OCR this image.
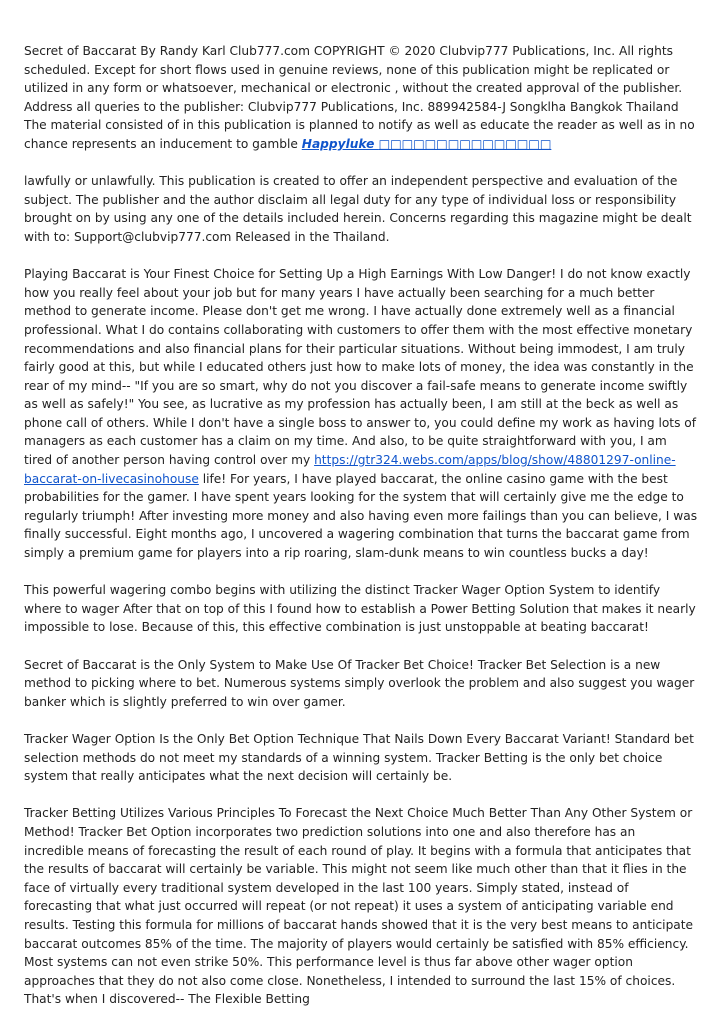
Secret of Baccarat By Randy Karl Club777.com COPYRIGHT © 2020 Clubvip777 Publications, Inc. All rights scheduled. Except for short flows used in genuine reviews, none of this publication might be replicated or utilized in any form or whatsoever, mechanical or electronic , without the created approval of the publisher. Address all queries to the publisher: Clubvip777 Publications, Inc. 889942584-J Songklha Bangkok Thailand The material consisted of in this publication is planned to notify as well as educate the reader as well as in no chance represents an inducement to gamble Happyluke □□□□□□□□□□□□□□□

lawfully or unlawfully. This publication is created to offer an independent perspective and evaluation of the subject. The publisher and the author disclaim all legal duty for any type of individual loss or responsibility brought on by using any one of the details included herein. Concerns regarding this magazine might be dealt with to: Support@clubvip777.com Released in the Thailand.

Playing Baccarat is Your Finest Choice for Setting Up a High Earnings With Low Danger! I do not know exactly how you really feel about your job but for many years I have actually been searching for a much better method to generate income. Please don't get me wrong. I have actually done extremely well as a financial professional. What I do contains collaborating with customers to offer them with the most effective monetary recommendations and also financial plans for their particular situations. Without being immodest, I am truly fairly good at this, but while I educated others just how to make lots of money, the idea was constantly in the rear of my mind-- "If you are so smart, why do not you discover a fail-safe means to generate income swiftly as well as safely!" You see, as lucrative as my profession has actually been, I am still at the beck as well as phone call of others. While I don't have a single boss to answer to, you could define my work as having lots of managers as each customer has a claim on my time. And also, to be quite straightforward with you, I am tired of another person having control over my https://gtr324.webs.com/apps/blog/show/48801297-online-baccarat-on-livecasinohouse life! For years, I have played baccarat, the online casino game with the best probabilities for the gamer. I have spent years looking for the system that will certainly give me the edge to regularly triumph! After investing more money and also having even more failings than you can believe, I was finally successful. Eight months ago, I uncovered a wagering combination that turns the baccarat game from simply a premium game for players into a rip roaring, slam-dunk means to win countless bucks a day!

This powerful wagering combo begins with utilizing the distinct Tracker Wager Option System to identify where to wager After that on top of this I found how to establish a Power Betting Solution that makes it nearly impossible to lose. Because of this, this effective combination is just unstoppable at beating baccarat!

Secret of Baccarat is the Only System to Make Use Of Tracker Bet Choice! Tracker Bet Selection is a new method to picking where to bet. Numerous systems simply overlook the problem and also suggest you wager banker which is slightly preferred to win over gamer.

Tracker Wager Option Is the Only Bet Option Technique That Nails Down Every Baccarat Variant! Standard bet selection methods do not meet my standards of a winning system. Tracker Betting is the only bet choice system that really anticipates what the next decision will certainly be.

Tracker Betting Utilizes Various Principles To Forecast the Next Choice Much Better Than Any Other System or Method! Tracker Bet Option incorporates two prediction solutions into one and also therefore has an incredible means of forecasting the result of each round of play. It begins with a formula that anticipates that the results of baccarat will certainly be variable. This might not seem like much other than that it flies in the face of virtually every traditional system developed in the last 100 years. Simply stated, instead of forecasting that what just occurred will repeat (or not repeat) it uses a system of anticipating variable end results. Testing this formula for millions of baccarat hands showed that it is the very best means to anticipate baccarat outcomes 85% of the time. The majority of players would certainly be satisfied with 85% efficiency. Most systems can not even strike 50%. This performance level is thus far above other wager option approaches that they do not also come close. Nonetheless, I intended to surround the last 15% of choices. That's when I discovered-- The Flexible Betting
